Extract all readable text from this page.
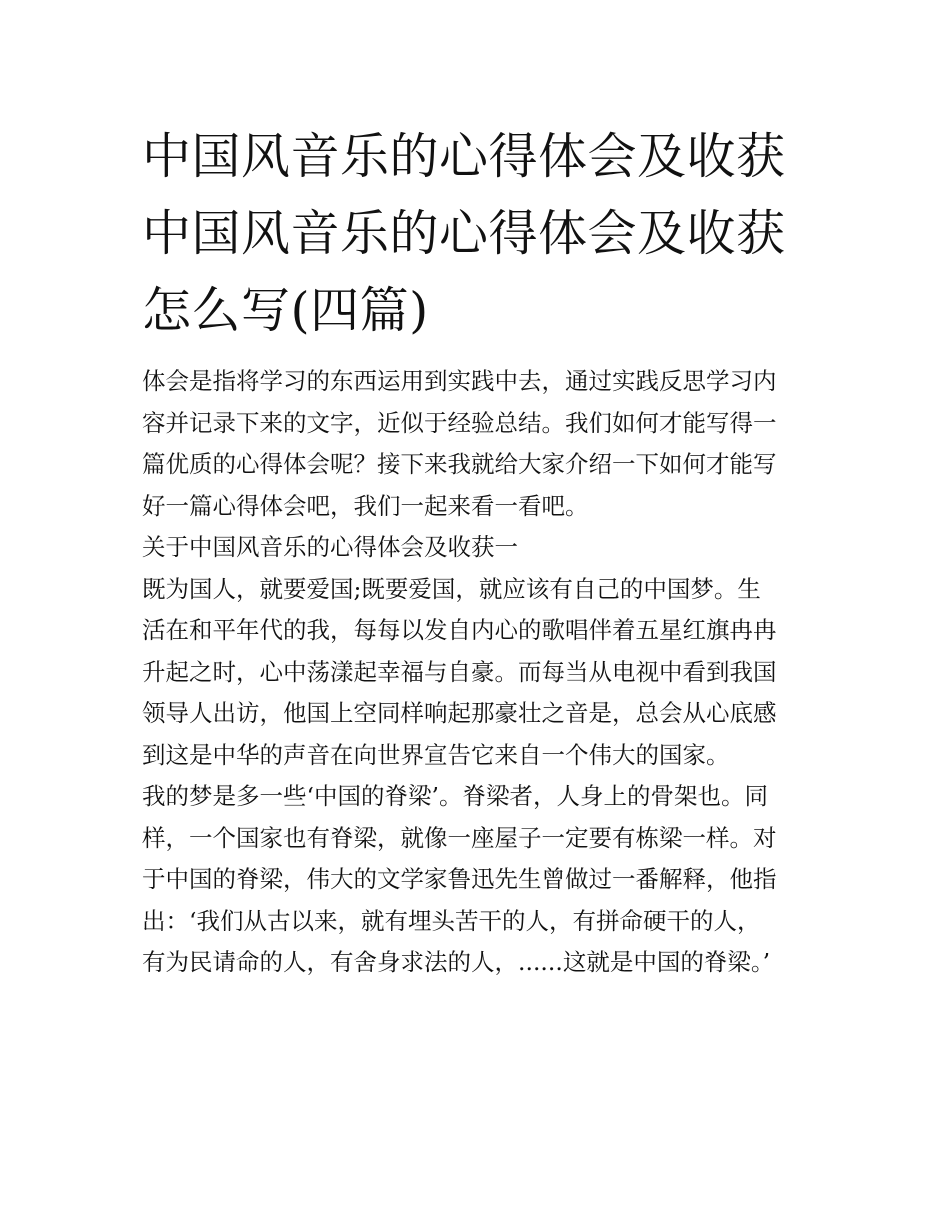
中国风音乐的心得体会及收获
中国风音乐的心得体会及收获
怎么写(四篇)
体会是指将学习的东西运用到实践中去，通过实践反思学习内
容并记录下来的文字，近似于经验总结。我们如何才能写得一
篇优质的心得体会呢？接下来我就给大家介绍一下如何才能写
好一篇心得体会吧，我们一起来看一看吧。
关于中国风音乐的心得体会及收获一
既为国人，就要爱国;既要爱国，就应该有自己的中国梦。生
活在和平年代的我，每每以发自内心的歌唱伴着五星红旗冉冉
升起之时，心中荡漾起幸福与自豪。而每当从电视中看到我国
领导人出访，他国上空同样响起那豪壮之音是，总会从心底感
到这是中华的声音在向世界宣告它来自一个伟大的国家。
我的梦是多一些‘中国的脊梁’。脊梁者，人身上的骨架也。同
样，一个国家也有脊梁，就像一座屋子一定要有栋梁一样。对
于中国的脊梁，伟大的文学家鲁迅先生曾做过一番解释，他指
出：‘我们从古以来，就有埋头苦干的人，有拼命硬干的人，
有为民请命的人，有舍身求法的人，......这就是中国的脊梁。’
